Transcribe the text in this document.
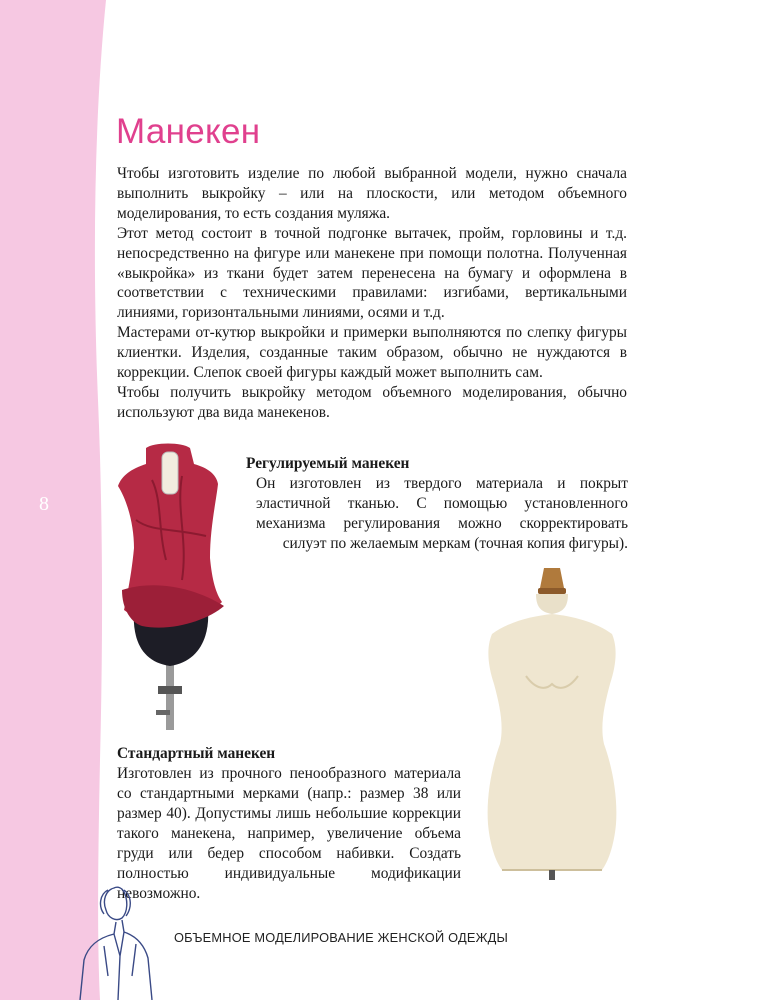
8
Манекен

Чтобы изготовить изделие по любой выбранной модели, нужно сначала выполнить выкройку – или на плоскости, или методом объемного моделирования, то есть создания муляжа.

Этот метод состоит в точной подгонке вытачек, пройм, горловины и т.д. непосредственно на фигуре или манекене при помощи полотна. Полученная «выкройка» из ткани будет затем перенесена на бумагу и оформлена в соответствии с техническими правилами: изгибами, вертикальными линиями, горизонтальными линиями, осями и т.д.

Мастерами от-кутюр выкройки и примерки выполняются по слепку фигуры клиентки. Изделия, созданные таким образом, обычно не нуждаются в коррекции. Слепок своей фигуры каждый может выполнить сам.

Чтобы получить выкройку методом объемного моделирования, обычно используют два вида манекенов.

Регулируемый манекен

Он изготовлен из твердого материала и покрыт эластичной тканью. С помощью установленного механизма регулирования можно скорректировать силуэт по желаемым меркам (точная копия фигуры).

Стандартный манекен

Изготовлен из прочного пенообразного материала со стандартными мерками (напр.: размер 38 или размер 40). Допустимы лишь небольшие коррекции такого манекена, например, увеличение объема груди или бедер способом набивки. Создать полностью индивидуальные модификации невозможно.

ОБЪЕМНОЕ МОДЕЛИРОВАНИЕ ЖЕНСКОЙ ОДЕЖДЫ
